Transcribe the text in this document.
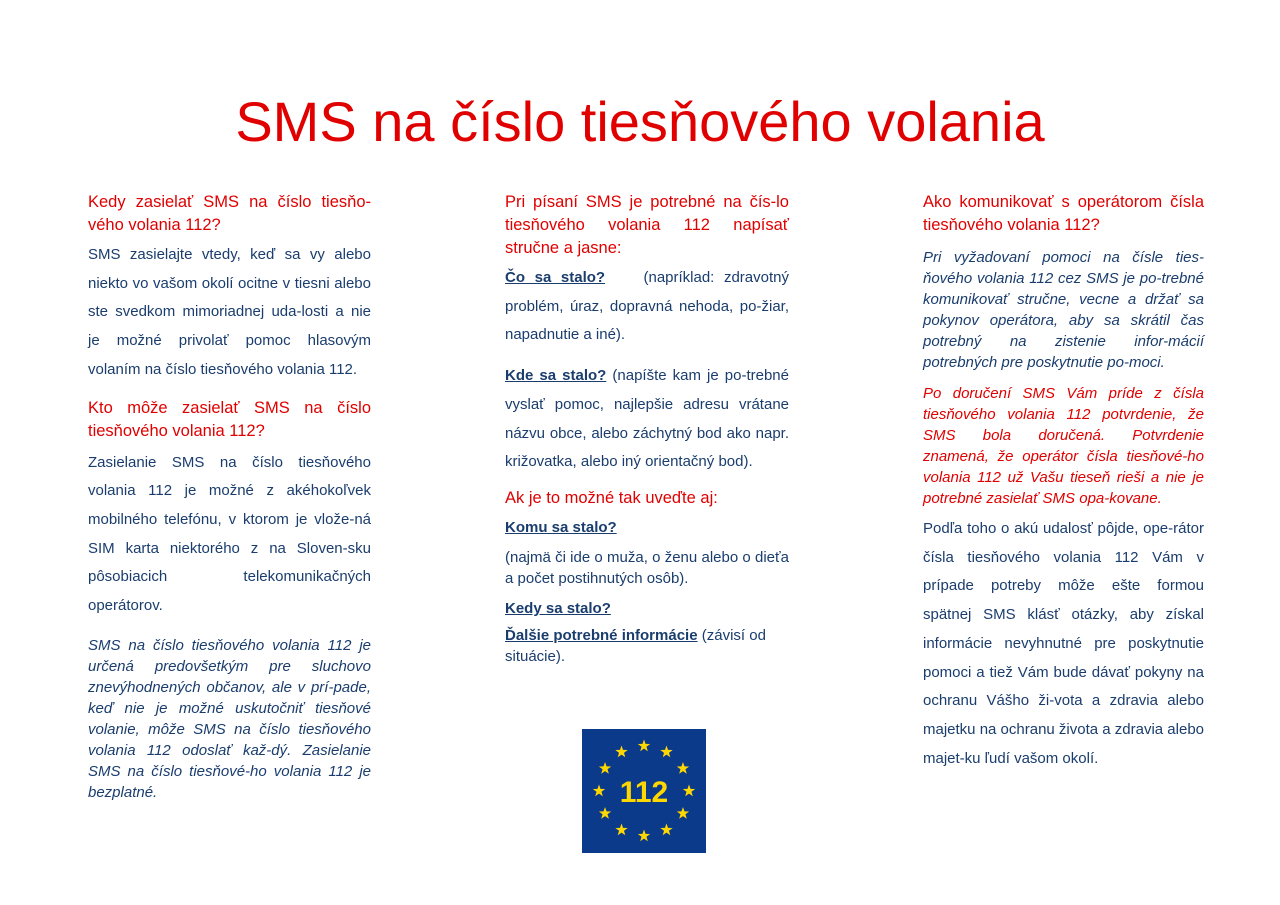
SMS na číslo tiesňového volania

Kedy zasielať SMS na číslo tiesňo-vého volania 112?

SMS zasielajte vtedy, keď sa vy alebo niekto vo vašom okolí ocitne v tiesni alebo ste svedkom mimoriadnej uda-losti a nie je možné privolať pomoc hlasovým volaním na číslo tiesňového volania 112.

Kto môže zasielať SMS na číslo tiesňového volania 112?

Zasielanie SMS na číslo tiesňového volania 112 je možné z akéhokoľvek mobilného telefónu, v ktorom je vlože-ná SIM karta niektorého z na Sloven-sku pôsobiacich telekomunikačných operátorov.

SMS na číslo tiesňového volania 112 je určená predovšetkým pre sluchovo znevýhodnených občanov, ale v prí-pade, keď nie je možné uskutočniť tiesňové volanie, môže SMS na číslo tiesňového volania 112 odoslať kaž-dý. Zasielanie SMS na číslo tiesňové-ho volania 112 je bezplatné.

Pri písaní SMS je potrebné na čís-lo tiesňového volania 112 napísať stručne a jasne:

Čo sa stalo?	(napríklad: zdravotný problém, úraz, dopravná nehoda, po-žiar, napadnutie a iné).

Kde sa stalo? (napíšte kam je po-trebné vyslať pomoc, najlepšie adresu vrátane názvu obce, alebo záchytný bod ako napr. križovatka, alebo iný orientačný bod).

Ak je to možné tak uveďte aj:

Komu sa stalo?

(najmä či ide o muža, o ženu alebo o dieťa a počet postihnutých osôb).

Kedy sa stalo?

Ďalšie potrebné informácie (závisí od situácie).

112

Ako komunikovať s operátorom čísla tiesňového volania 112?

Pri vyžadovaní pomoci na čísle ties-ňového volania 112 cez SMS je po-trebné komunikovať stručne, vecne a držať sa pokynov operátora, aby sa skrátil čas potrebný na zistenie infor-mácií potrebných pre poskytnutie po-moci.

Po doručení SMS Vám príde z čísla tiesňového volania 112 potvrdenie, že SMS bola doručená. Potvrdenie znamená, že operátor čísla tiesňové-ho volania 112 už Vašu tieseň rieši a nie je potrebné zasielať SMS opa-kovane.

Podľa toho o akú udalosť pôjde, ope-rátor čísla tiesňového volania 112 Vám v prípade potreby môže ešte formou spätnej SMS klásť otázky, aby získal informácie nevyhnutné pre poskytnutie pomoci a tiež Vám bude dávať pokyny na ochranu Vášho ži-vota a zdravia alebo majetku na ochranu života a zdravia alebo majet-ku ľudí vašom okolí.
